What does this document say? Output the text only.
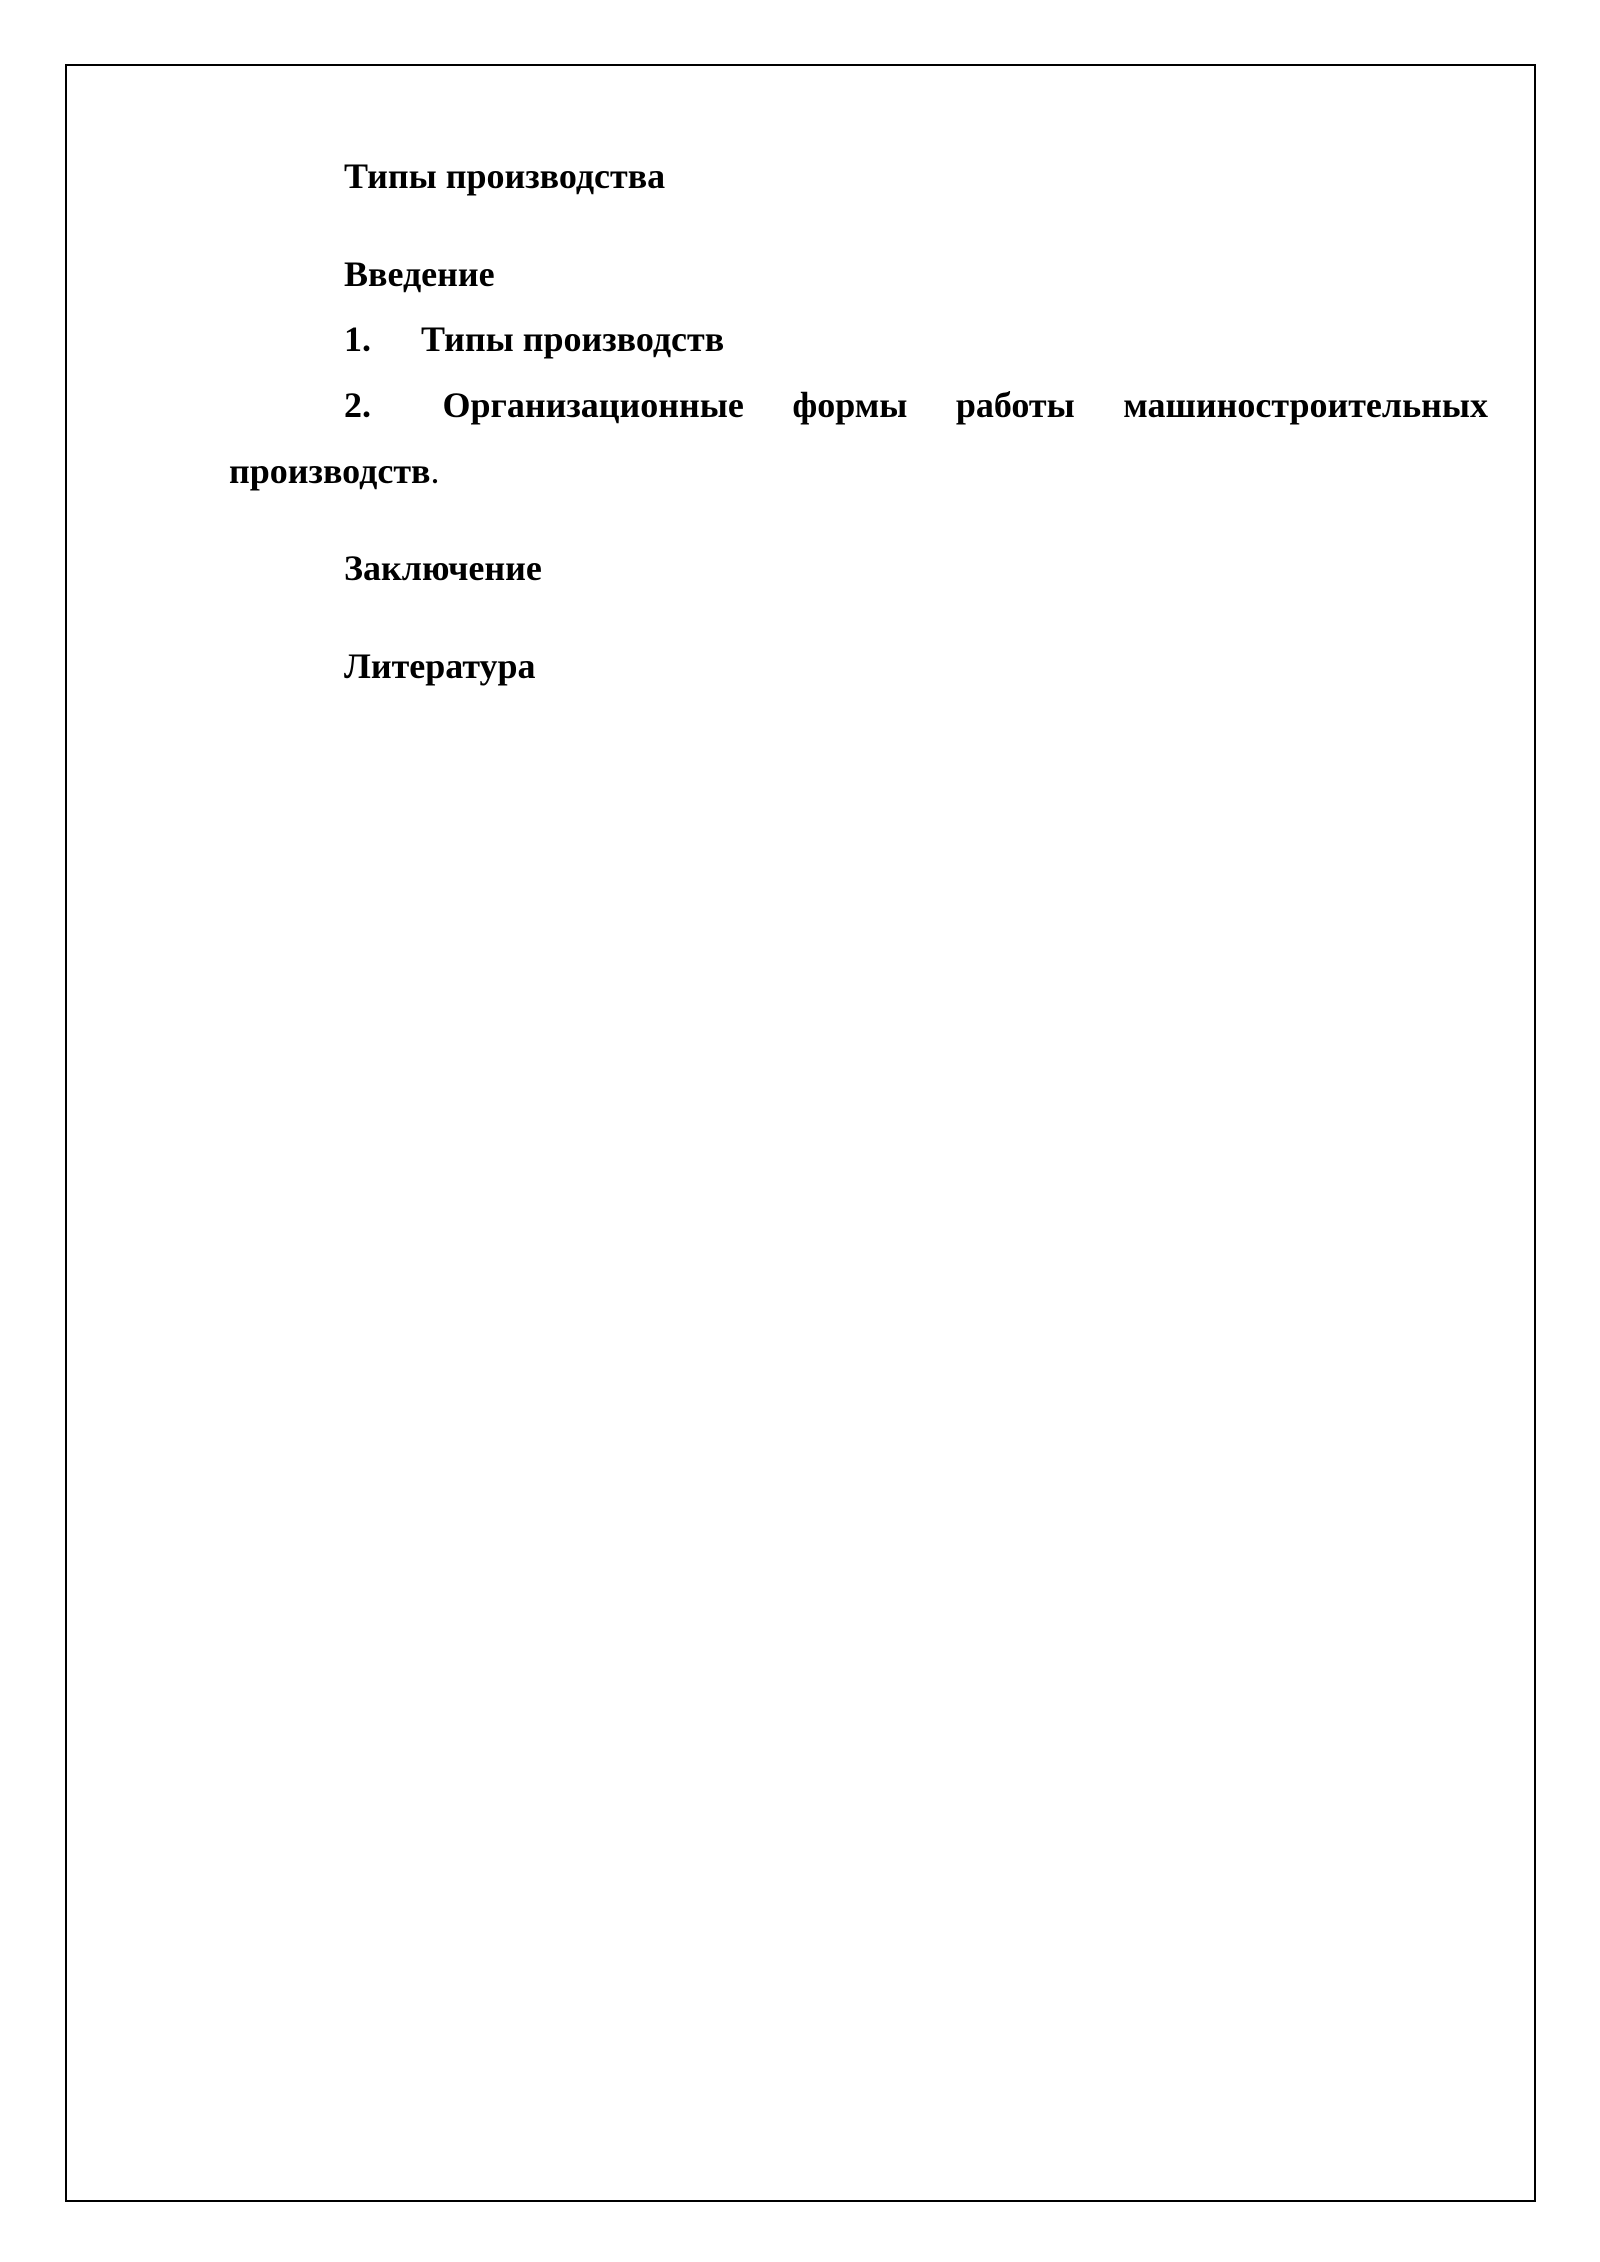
Типы производства
Введение
1. Типы производств
2.	Организационные формы работы машиностроительных
производств.
Заключение
Литература
